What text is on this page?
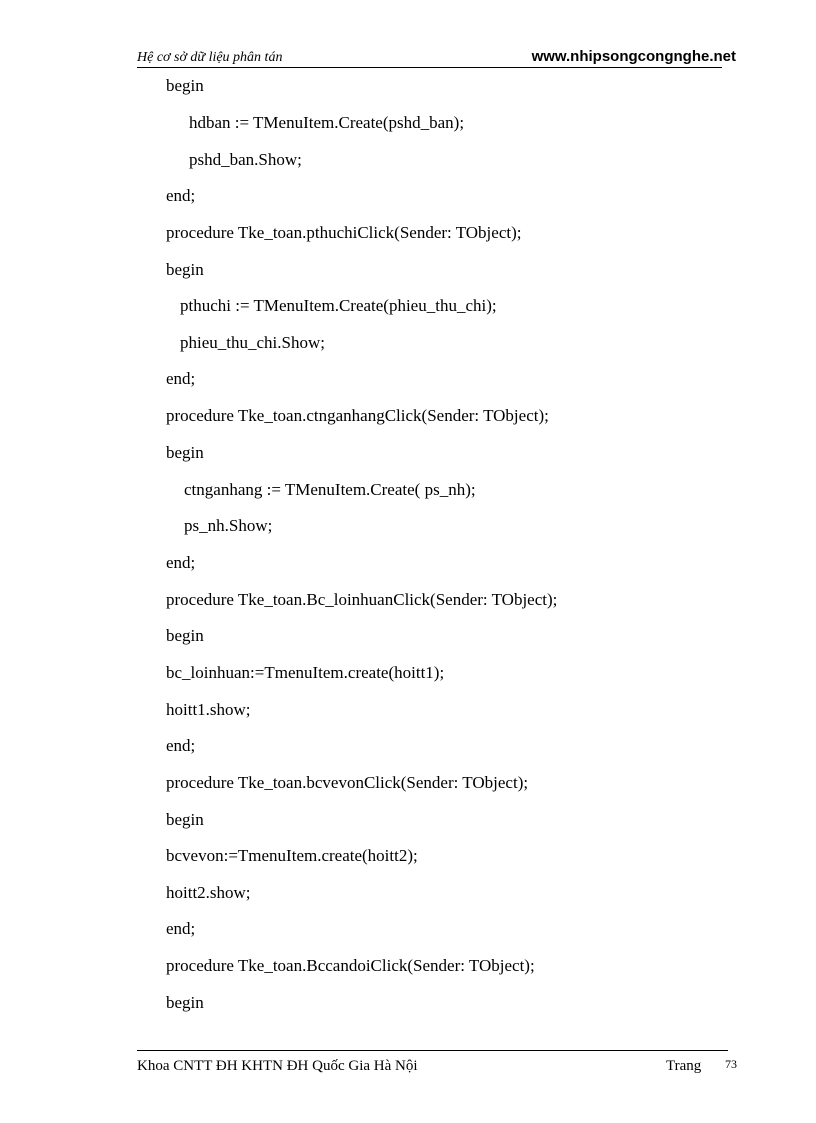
Hệ cơ sở dữ liệu phân tán	www.nhipsongcongnghe.net
begin
hdban := TMenuItem.Create(pshd_ban);
pshd_ban.Show;
end;
procedure Tke_toan.pthuchiClick(Sender: TObject);
begin
pthuchi := TMenuItem.Create(phieu_thu_chi);
phieu_thu_chi.Show;
end;
procedure Tke_toan.ctnganhangClick(Sender: TObject);
begin
ctnganhang := TMenuItem.Create( ps_nh);
ps_nh.Show;
end;
procedure Tke_toan.Bc_loinhuanClick(Sender: TObject);
begin
bc_loinhuan:=TmenuItem.create(hoitt1);
hoitt1.show;
end;
procedure Tke_toan.bcvevonClick(Sender: TObject);
begin
bcvevon:=TmenuItem.create(hoitt2);
hoitt2.show;
end;
procedure Tke_toan.BccandoiClick(Sender: TObject);
begin
Khoa CNTT ĐH KHTN ĐH Quốc Gia Hà Nội	Trang 73
